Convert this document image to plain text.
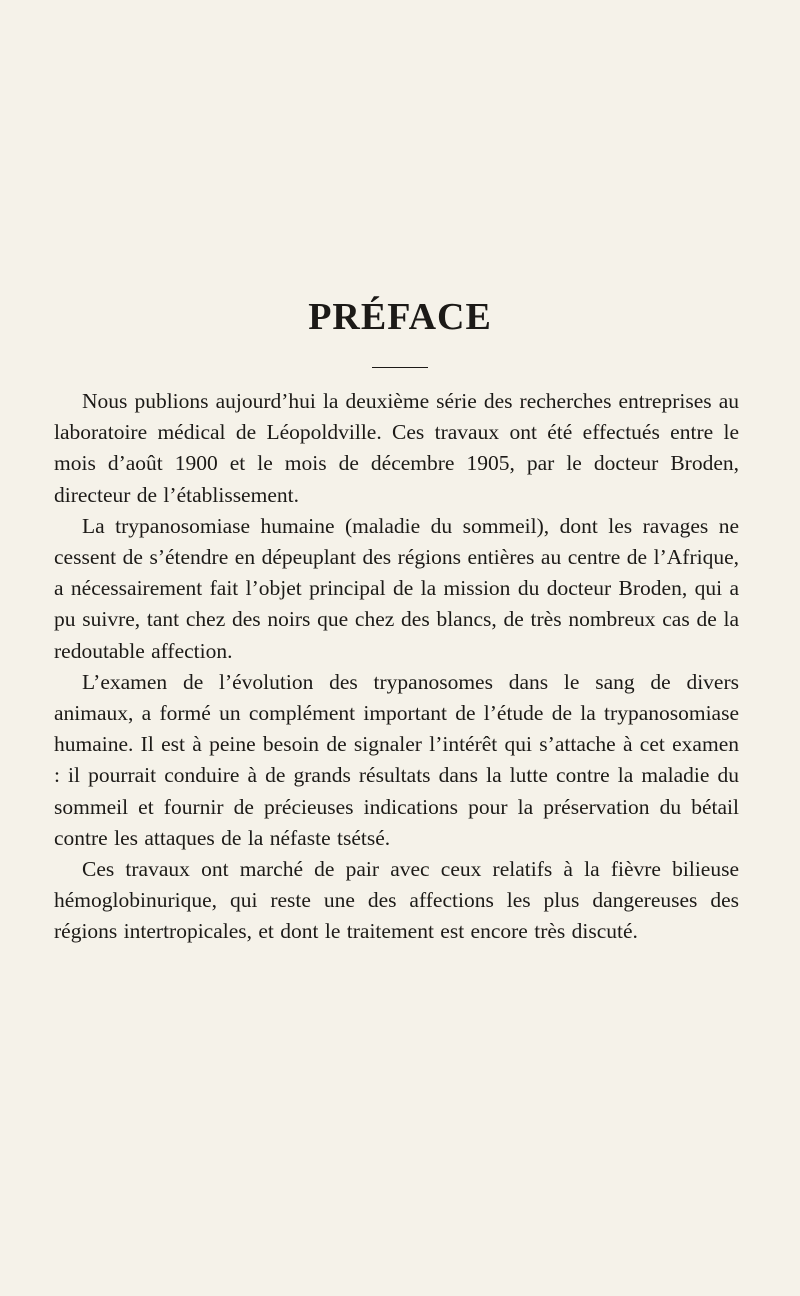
PRÉFACE

Nous publions aujourd’hui la deuxième série des recherches entreprises au laboratoire médical de Léopoldville. Ces travaux ont été effectués entre le mois d’août 1900 et le mois de décembre 1905, par le docteur Broden, directeur de l’établissement.

La trypanosomiase humaine (maladie du sommeil), dont les ravages ne cessent de s’étendre en dépeuplant des régions entières au centre de l’Afrique, a nécessairement fait l’objet principal de la mission du docteur Broden, qui a pu suivre, tant chez des noirs que chez des blancs, de très nombreux cas de la redoutable affection.

L’examen de l’évolution des trypanosomes dans le sang de divers animaux, a formé un complément important de l’étude de la trypanosomiase humaine. Il est à peine besoin de signaler l’intérêt qui s’attache à cet examen : il pourrait conduire à de grands résultats dans la lutte contre la maladie du sommeil et fournir de précieuses indications pour la préservation du bétail contre les attaques de la néfaste tsétsé.

Ces travaux ont marché de pair avec ceux relatifs à la fièvre bilieuse hémoglobinurique, qui reste une des affections les plus dangereuses des régions intertropicales, et dont le traitement est encore très discuté.
